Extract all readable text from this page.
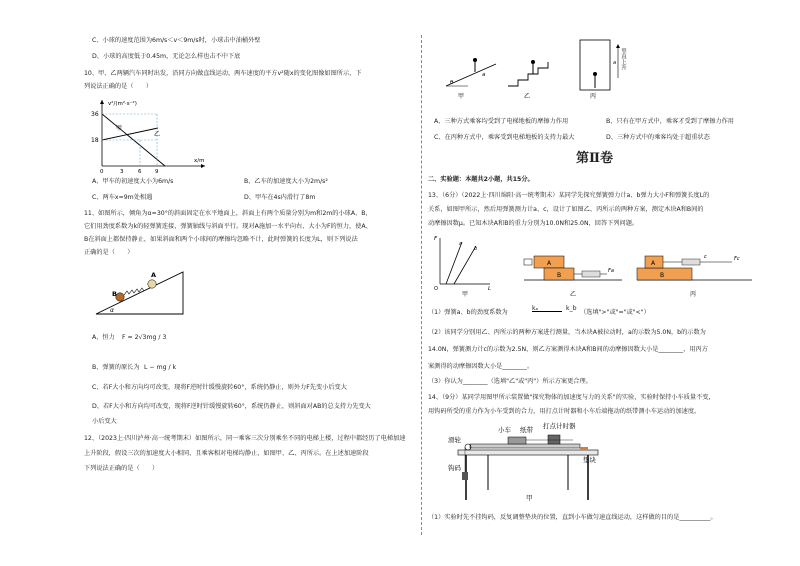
C、小球的速度范围为6m/s＜v＜9m/s时，小球击中油桶外壁
D、小球的高度低于0.45m，无论怎么样也击不中下底
10、甲、乙两辆汽车同时出发，沿同方向做直线运动，两车速度的平方v²随x的变化图像如图所示，下
列说法正确的是（　　）
v²/(m²·s⁻²)
x/m
36
18
0	3	6 9
甲
乙
A、甲车的初速度大小为6m/s	B、乙车的加速度大小为2m/s²
C、两车x=9m处相遇	D、甲车在4s内滑行了8m
11、如图所示，倾角为α=30°的斜面固定在水平地面上，斜面上有两个质量分别为m和2m的小球A、B，
它们用劲度系数为k的轻弹簧连接，弹簧轴线与斜面平行。现对A施加一水平向右、大小为F的恒力，使A、
B在斜面上都保持静止，如果斜面和两个小球间的摩擦均忽略不计，此时弹簧的长度为L，则下列说法
正确的是（　　）
B
A
α
A、恒力 F = 2√3mg / 3
B、弹簧的原长为 L − mg / k
C、若F大小和方向均可改变，现将F逆时针缓慢旋转60°，系统仍静止，则外力F先变小后变大
D、若F大小和方向均可改变，现将F逆时针缓慢旋转60°，系统仍静止，则斜面对AB的总支持力先变大
小后变大
12、（2023上·四川泸州·高一统考期末）如图所示，同一乘客三次分别乘坐不同的电梯上楼，过程中都经历了电梯加速
上升阶段，假设三次的加速度大小相同，且乘客相对电梯均静止，如图甲、乙、丙所示。在上述加速阶段
下列说法正确的是（　　）
θ
a
甲	乙
a 竖直上升
丙
A、三种方式乘客均受到了电梯地板的摩擦力作用	B、只有在甲方式中，乘客才受到了摩擦力作用
C、在丙种方式中，乘客受到电梯地板的支持力最大	D、三种方式中的乘客均处于超重状态
第Ⅱ卷
二、实验题：本题共2小题，共15分。
13、（6分）（2022上·四川绵阳·高一统考期末）某同学先探究弹簧弹力计a、b弹力大小F和弹簧长度L的
关系，如图甲所示，然后用弹簧测力计a、c，设计了如图乙、丙所示的两种方案，测定木块A和B间的
动摩擦因数μ。已知木块A和B的重力分别为10.0N和25.0N，回答下列问题。
F
a
b
L
O
甲
A
B
Fa
乙
A
B
c	Fc
丙
（1）弹簧a、b的劲度系数为
kₐ	k_b
（选填">"或"="或"<"）
（2）该同学分别用乙、丙所示的两种方案进行测量，当木块A被拉动时，a的示数为5.0N，b的示数为
14.0N，弹簧测力计c的示数为2.5N，则乙方案测得木块A和B间的动摩擦因数大小是________，用丙方
案测得的动摩擦因数大小是________。
（3）你认为________（选填"乙"或"丙"）所示方案更合理。
14、（9分）某同学用图甲所示装置做"探究物体的加速度与力的关系"的实验，实验时保持小车质量不变，
用钩码所受的重力作为小车受到的合力，用打点计时器和小车后端拖动的纸带测小车运动的加速度。
打点计时器
小车 纸带
滑轮
垫块
钩码
甲
（1）实验时先不挂钩码，反复调整垫块的位置，直到小车做匀速直线运动，这样做的目的是__________。
